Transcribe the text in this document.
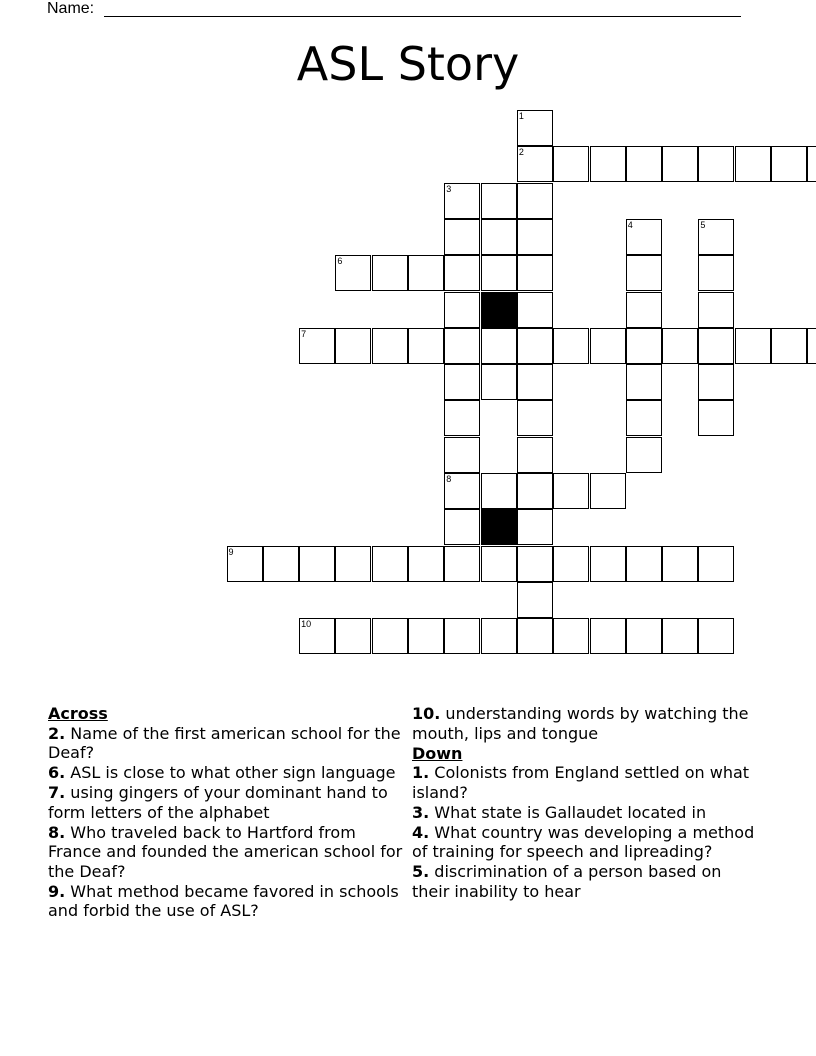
Name:
ASL Story
1
2
3
4	5
6
7
8
9
10
Across
2. Name of the first american school for the Deaf?
6. ASL is close to what other sign language
7. using gingers of your dominant hand to form letters of the alphabet
8. Who traveled back to Hartford from France and founded the american school for the Deaf?
9. What method became favored in schools and forbid the use of ASL?
10. understanding words by watching the mouth, lips and tongue
Down
1. Colonists from England settled on what island?
3. What state is Gallaudet located in
4. What country was developing a method of training for speech and lipreading?
5. discrimination of a person based on their inability to hear
